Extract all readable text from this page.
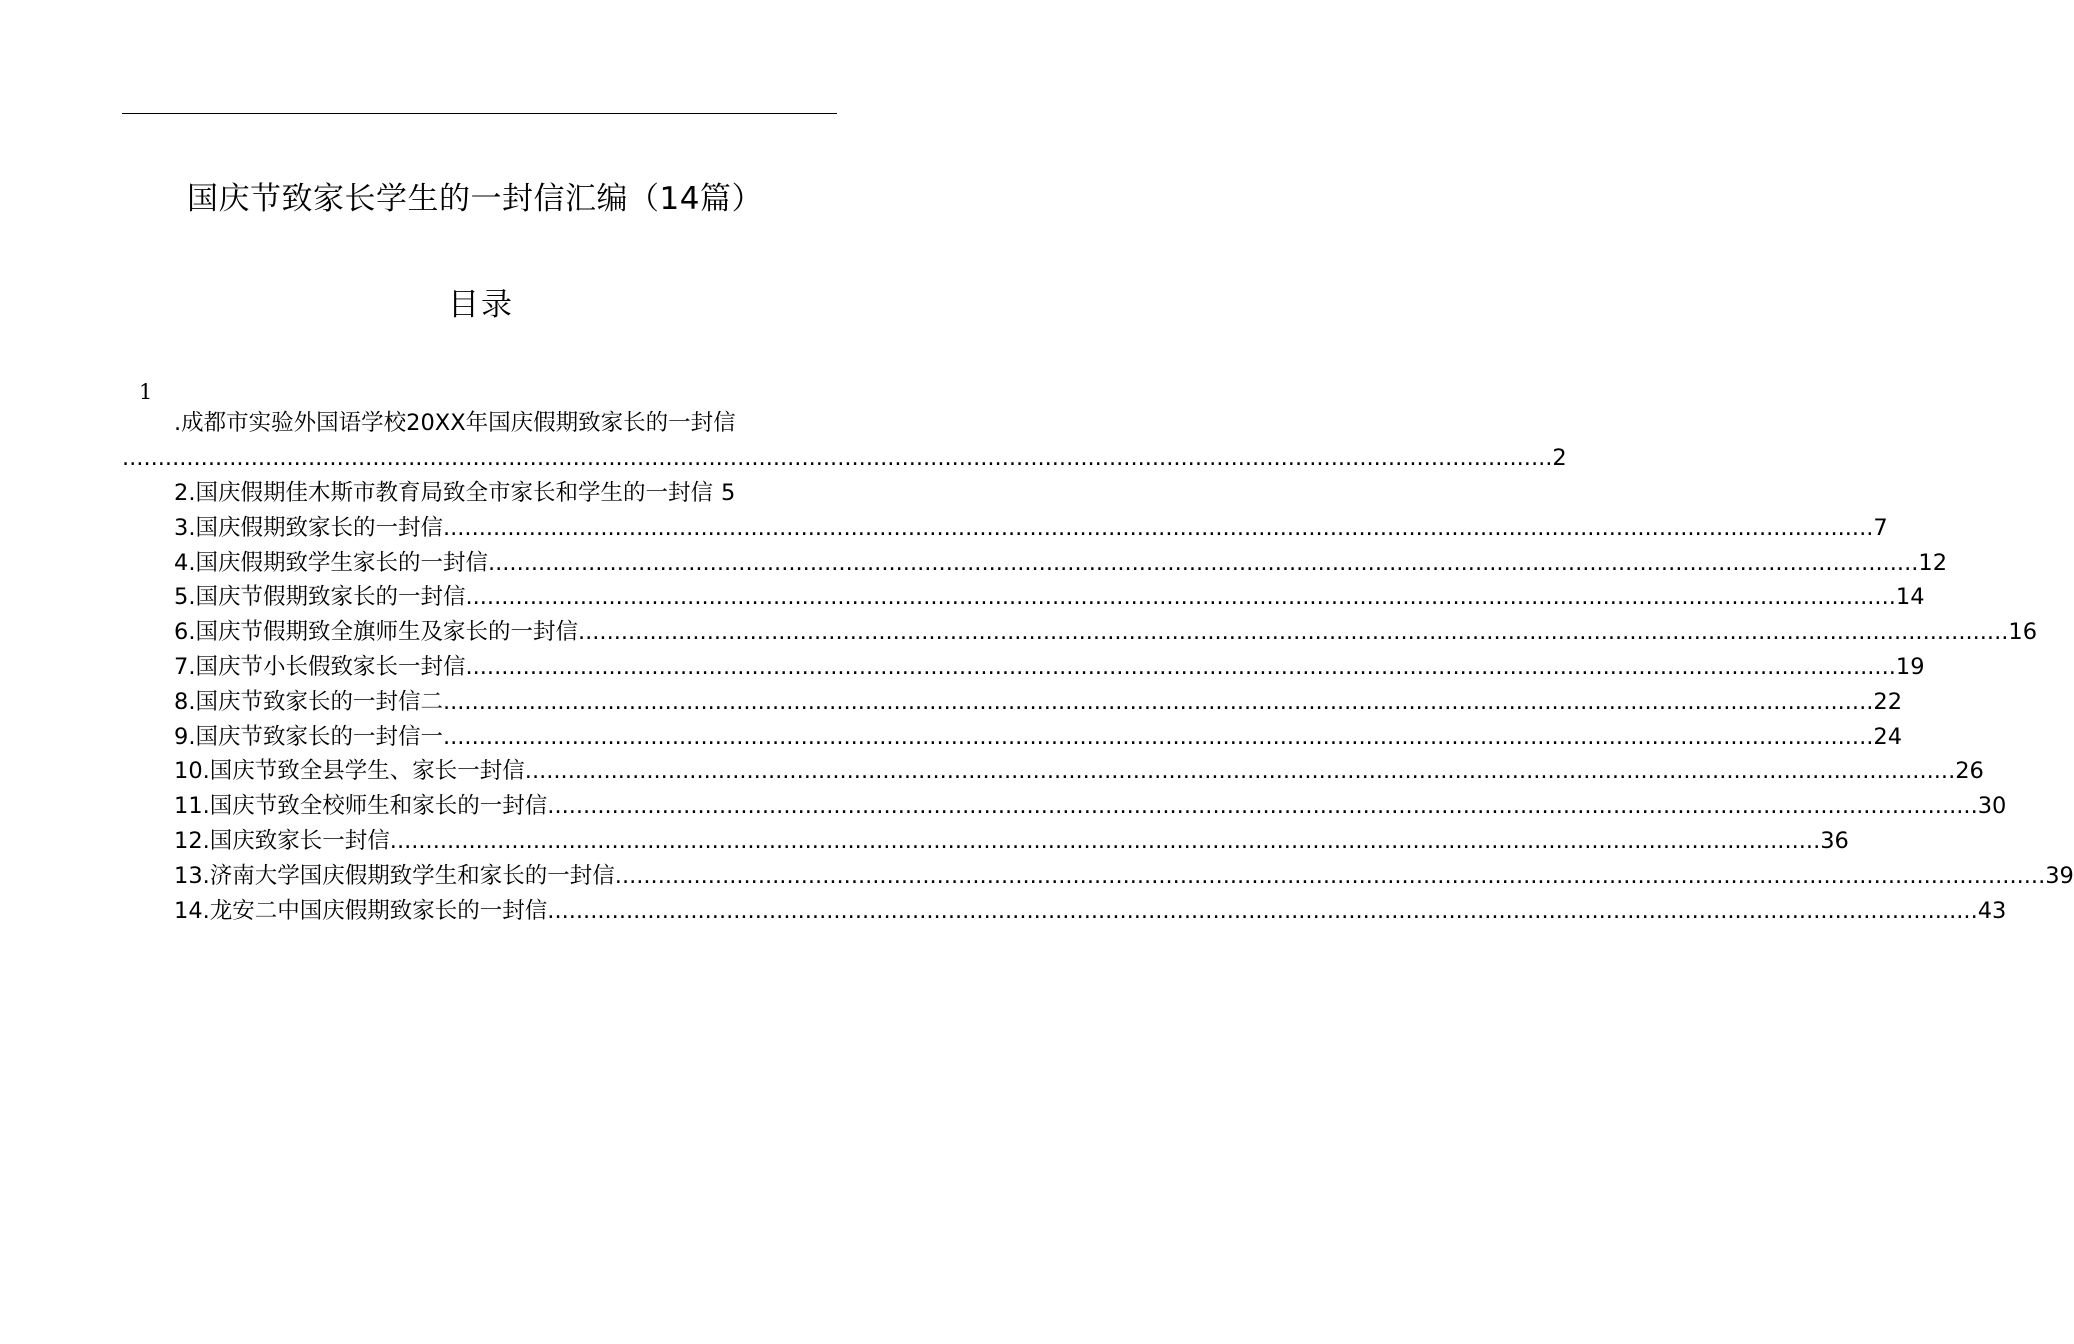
国庆节致家长学生的一封信汇编（14篇）
目录
1
.成都市实验外国语学校20XX年国庆假期致家长的一封信
........................................................................................................................................................................................................ 2
2.国庆假期佳木斯市教育局致全市家长和学生的一封信 5
3.国庆假期致家长的一封信 ........................................................................................................................................................................................................ 7
4.国庆假期致学生家长的一封信 ........................................................................................................................................................................................................ 12
5.国庆节假期致家长的一封信 ........................................................................................................................................................................................................ 14
6.国庆节假期致全旗师生及家长的一封信 ........................................................................................................................................................................................................ 16
7.国庆节小长假致家长一封信 ........................................................................................................................................................................................................ 19
8.国庆节致家长的一封信二 ........................................................................................................................................................................................................ 22
9.国庆节致家长的一封信一 ........................................................................................................................................................................................................ 24
10.国庆节致全县学生、家长一封信 ........................................................................................................................................................................................................ 26
11.国庆节致全校师生和家长的一封信 ........................................................................................................................................................................................................ 30
12.国庆致家长一封信 ........................................................................................................................................................................................................ 36
13.济南大学国庆假期致学生和家长的一封信 ........................................................................................................................................................................................................ 39
14.龙安二中国庆假期致家长的一封信 ........................................................................................................................................................................................................ 43
